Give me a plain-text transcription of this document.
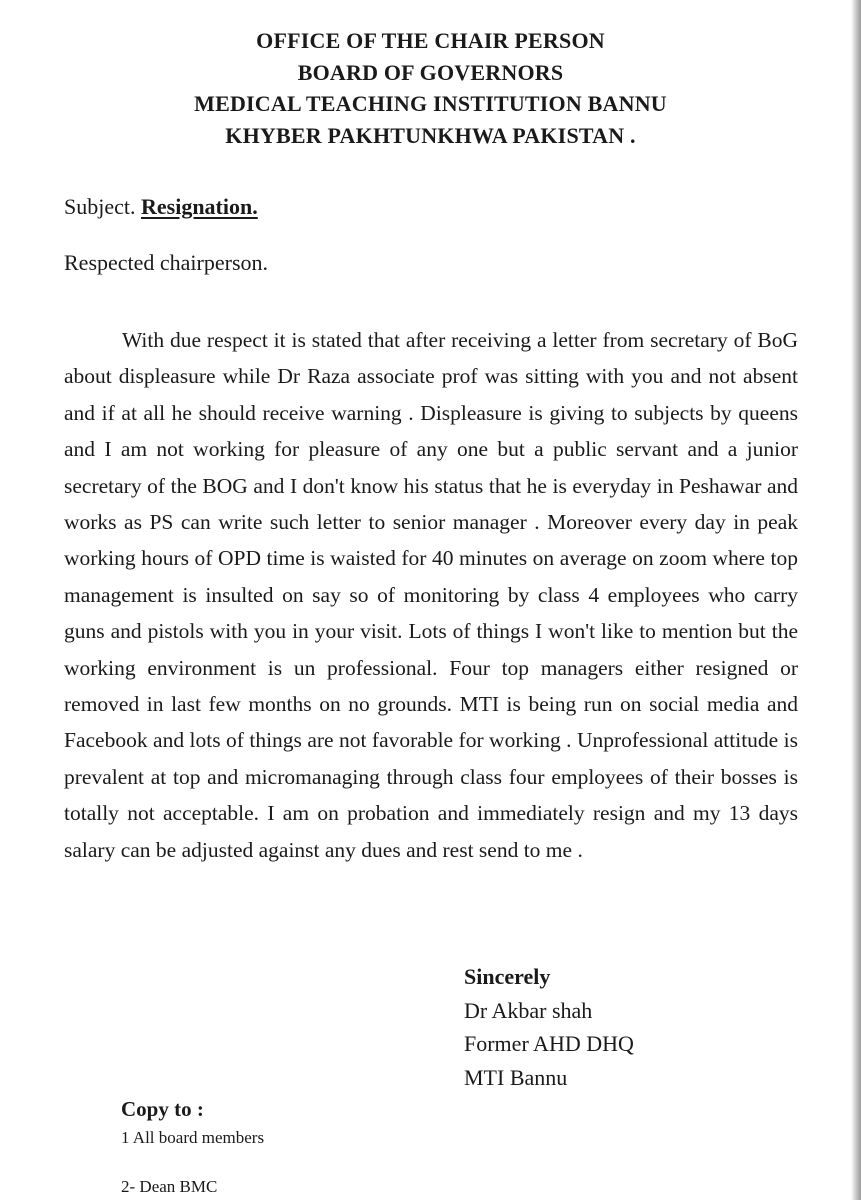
OFFICE OF THE CHAIR PERSON
BOARD OF GOVERNORS
MEDICAL TEACHING INSTITUTION BANNU
KHYBER PAKHTUNKHWA PAKISTAN .
Subject. Resignation.
Respected chairperson.

With due respect it is stated that after receiving a letter from secretary of BoG about displeasure while Dr Raza associate prof was sitting with you and not absent and if at all he should receive warning . Displeasure is giving to subjects by queens and I am not working for pleasure of any one but a public servant and a junior secretary of the BOG and I don't know his status that he is everyday in Peshawar and works as PS can write such letter to senior manager . Moreover every day in peak working hours of OPD time is waisted for 40 minutes on average on zoom where top management is insulted on say so of monitoring by class 4 employees who carry guns and pistols with you in your visit. Lots of things I won't like to mention but the working environment is un professional. Four top managers either resigned or removed in last few months on no grounds. MTI is being run on social media and Facebook and lots of things are not favorable for working . Unprofessional attitude is prevalent at top and micromanaging through class four employees of their bosses is totally not acceptable. I am on probation and immediately resign and my 13 days salary can be adjusted against any dues and rest send to me .

Sincerely
Dr Akbar shah
Former AHD DHQ
MTI Bannu
Copy to :
1 All board members
2- Dean BMC
